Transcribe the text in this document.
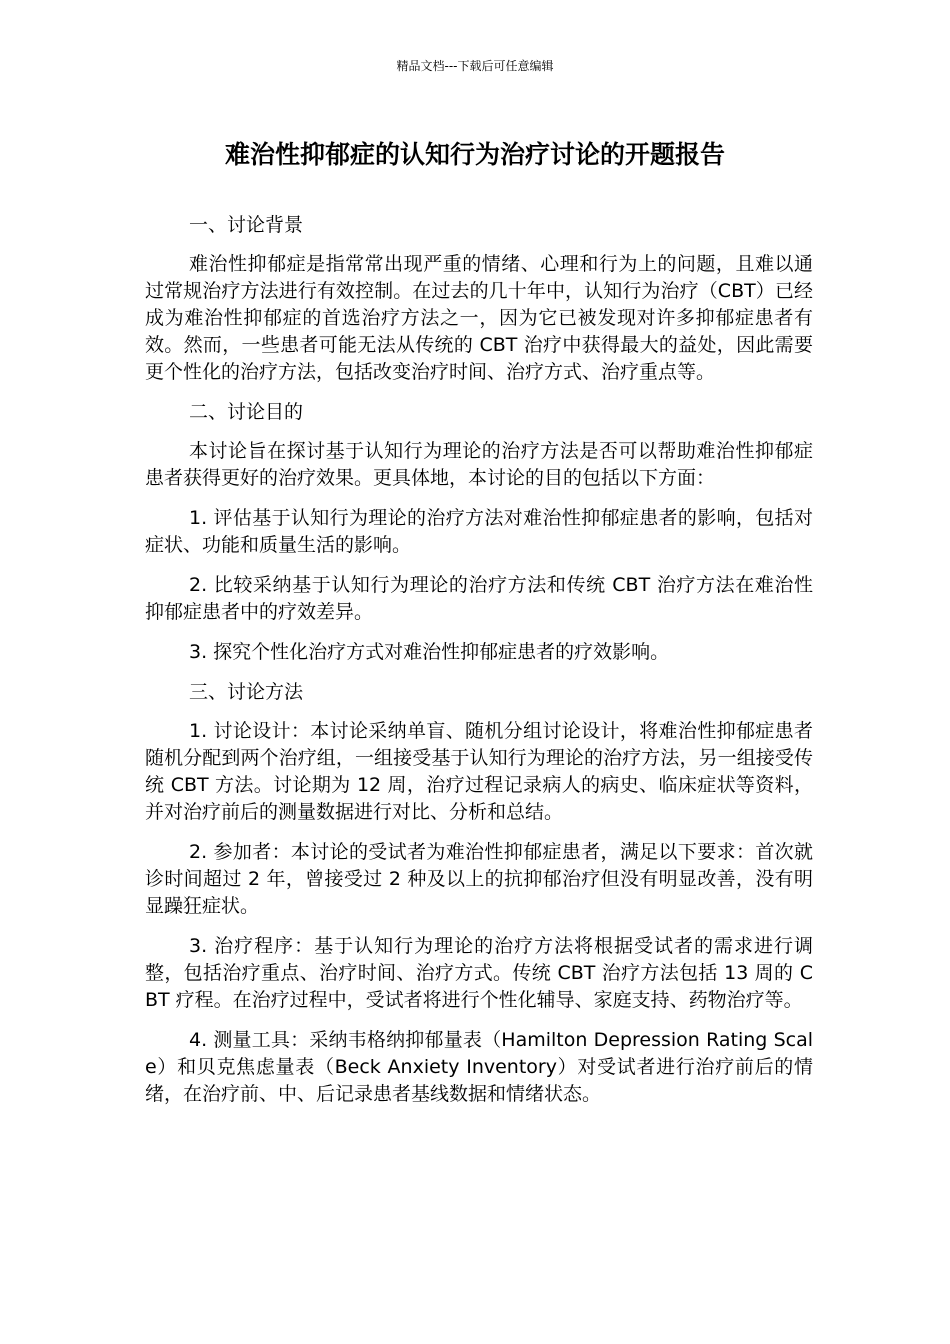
精品文档---下载后可任意编辑
难治性抑郁症的认知行为治疗讨论的开题报告

一、讨论背景

难治性抑郁症是指常常出现严重的情绪、心理和行为上的问题，且难以通过常规治疗方法进行有效控制。在过去的几十年中，认知行为治疗（CBT）已经成为难治性抑郁症的首选治疗方法之一，因为它已被发现对许多抑郁症患者有效。然而，一些患者可能无法从传统的 CBT 治疗中获得最大的益处，因此需要更个性化的治疗方法，包括改变治疗时间、治疗方式、治疗重点等。

二、讨论目的

本讨论旨在探讨基于认知行为理论的治疗方法是否可以帮助难治性抑郁症患者获得更好的治疗效果。更具体地，本讨论的目的包括以下方面：

1. 评估基于认知行为理论的治疗方法对难治性抑郁症患者的影响，包括对症状、功能和质量生活的影响。

2. 比较采纳基于认知行为理论的治疗方法和传统 CBT 治疗方法在难治性抑郁症患者中的疗效差异。

3. 探究个性化治疗方式对难治性抑郁症患者的疗效影响。

三、讨论方法

1. 讨论设计：本讨论采纳单盲、随机分组讨论设计，将难治性抑郁症患者随机分配到两个治疗组，一组接受基于认知行为理论的治疗方法，另一组接受传统 CBT 方法。讨论期为 12 周，治疗过程记录病人的病史、临床症状等资料，并对治疗前后的测量数据进行对比、分析和总结。

2. 参加者：本讨论的受试者为难治性抑郁症患者，满足以下要求：首次就诊时间超过 2 年，曾接受过 2 种及以上的抗抑郁治疗但没有明显改善，没有明显躁狂症状。

3. 治疗程序：基于认知行为理论的治疗方法将根据受试者的需求进行调整，包括治疗重点、治疗时间、治疗方式。传统 CBT 治疗方法包括 13 周的 CBT 疗程。在治疗过程中，受试者将进行个性化辅导、家庭支持、药物治疗等。

4. 测量工具：采纳韦格纳抑郁量表（Hamilton Depression Rating Scale）和贝克焦虑量表（Beck Anxiety Inventory）对受试者进行治疗前后的情绪，在治疗前、中、后记录患者基线数据和情绪状态。
